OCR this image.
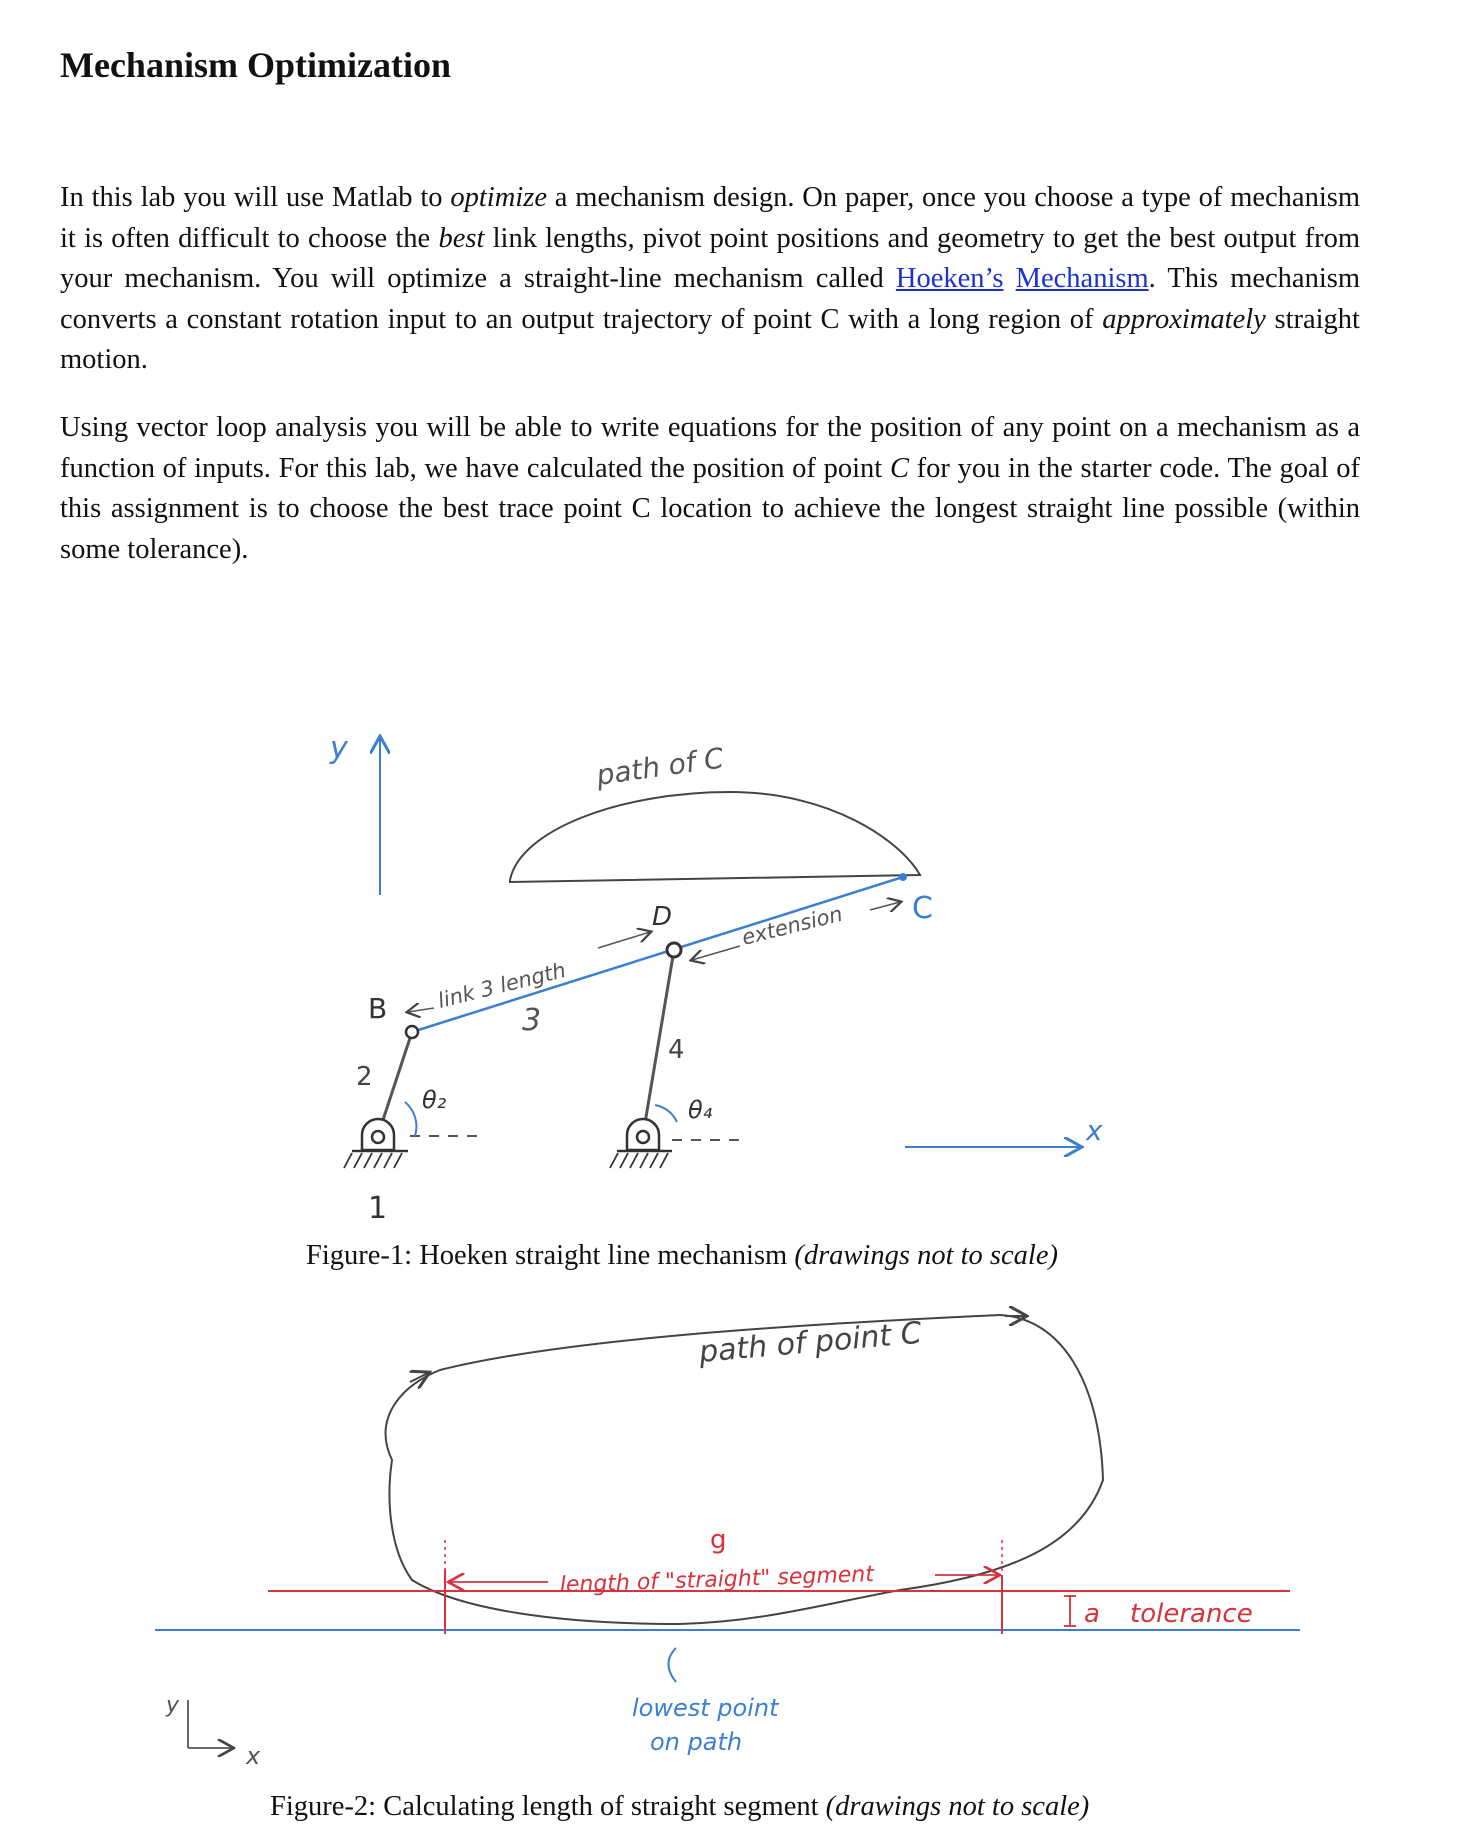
Mechanism Optimization

In this lab you will use Matlab to optimize a mechanism design. On paper, once you choose a type of mechanism it is often difficult to choose the best link lengths, pivot point positions and geometry to get the best output from your mechanism. You will optimize a straight-line mechanism called Hoeken’s Mechanism. This mechanism converts a constant rotation input to an output trajectory of point C with a long region of approximately straight motion.

Using vector loop analysis you will be able to write equations for the position of any point on a mechanism as a function of inputs. For this lab, we have calculated the position of point C for you in the starter code. The goal of this assignment is to choose the best trace point C location to achieve the longest straight line possible (within some tolerance).

y
x
path of C
B
D	C
link 3 length
extension
3
4
2
1
θ₂	θ₄
path of point C
length of "straight" segment
g
a tolerance
lowest point
on path
y
x

Figure-1: Hoeken straight line mechanism (drawings not to scale)

Figure-2: Calculating length of straight segment (drawings not to scale)
